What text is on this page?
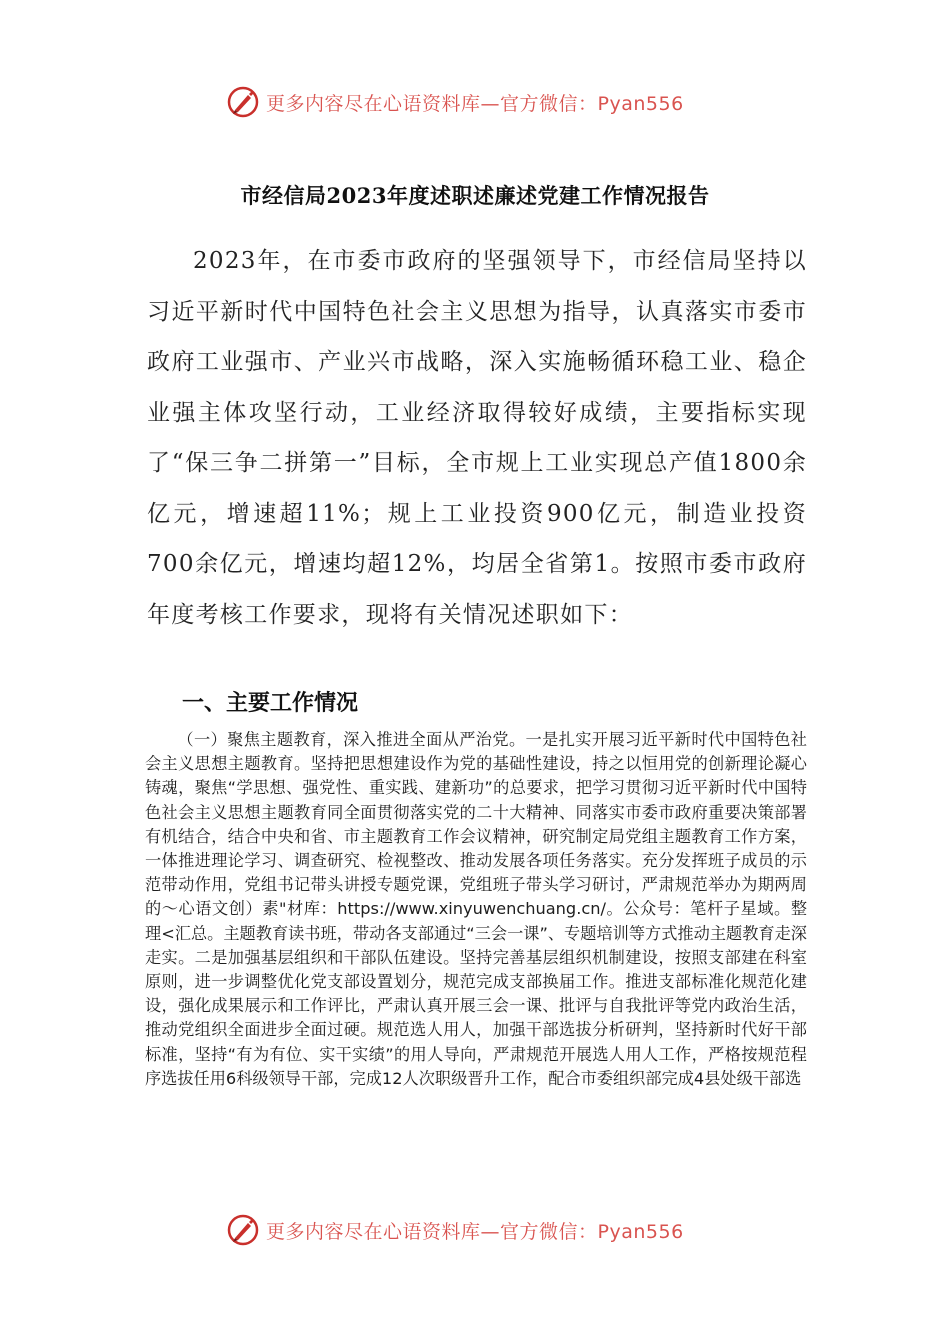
更多内容尽在心语资料库—官方微信：Pyan556
市经信局2023年度述职述廉述党建工作情况报告

2023年，在市委市政府的坚强领导下，市经信局坚持以习近平新时代中国特色社会主义思想为指导，认真落实市委市政府工业强市、产业兴市战略，深入实施畅循环稳工业、稳企业强主体攻坚行动，工业经济取得较好成绩，主要指标实现了“保三争二拼第一”目标，全市规上工业实现总产值1800余亿元，增速超11%；规上工业投资900亿元，制造业投资700余亿元，增速均超12%，均居全省第1。按照市委市政府年度考核工作要求，现将有关情况述职如下：

一、主要工作情况

（一）聚焦主题教育，深入推进全面从严治党。一是扎实开展习近平新时代中国特色社会主义思想主题教育。坚持把思想建设作为党的基础性建设，持之以恒用党的创新理论凝心铸魂，聚焦“学思想、强党性、重实践、建新功”的总要求，把学习贯彻习近平新时代中国特色社会主义思想主题教育同全面贯彻落实党的二十大精神、同落实市委市政府重要决策部署有机结合，结合中央和省、市主题教育工作会议精神，研究制定局党组主题教育工作方案，一体推进理论学习、调查研究、检视整改、推动发展各项任务落实。充分发挥班子成员的示范带动作用，党组书记带头讲授专题党课，党组班子带头学习研讨，严肃规范举办为期两周的～心语文创）素"材库：https://www.xinyuwenchuang.cn/。公众号：笔杆子星域。整理<汇总。主题教育读书班，带动各支部通过“三会一课”、专题培训等方式推动主题教育走深走实。二是加强基层组织和干部队伍建设。坚持完善基层组织机制建设，按照支部建在科室原则，进一步调整优化党支部设置划分，规范完成支部换届工作。推进支部标准化规范化建设，强化成果展示和工作评比，严肃认真开展三会一课、批评与自我批评等党内政治生活，推动党组织全面进步全面过硬。规范选人用人，加强干部选拔分析研判，坚持新时代好干部标准，坚持“有为有位、实干实绩”的用人导向，严肃规范开展选人用人工作，严格按规范程序选拔任用6科级领导干部，完成12人次职级晋升工作，配合市委组织部完成4县处级干部选

更多内容尽在心语资料库—官方微信：Pyan556
